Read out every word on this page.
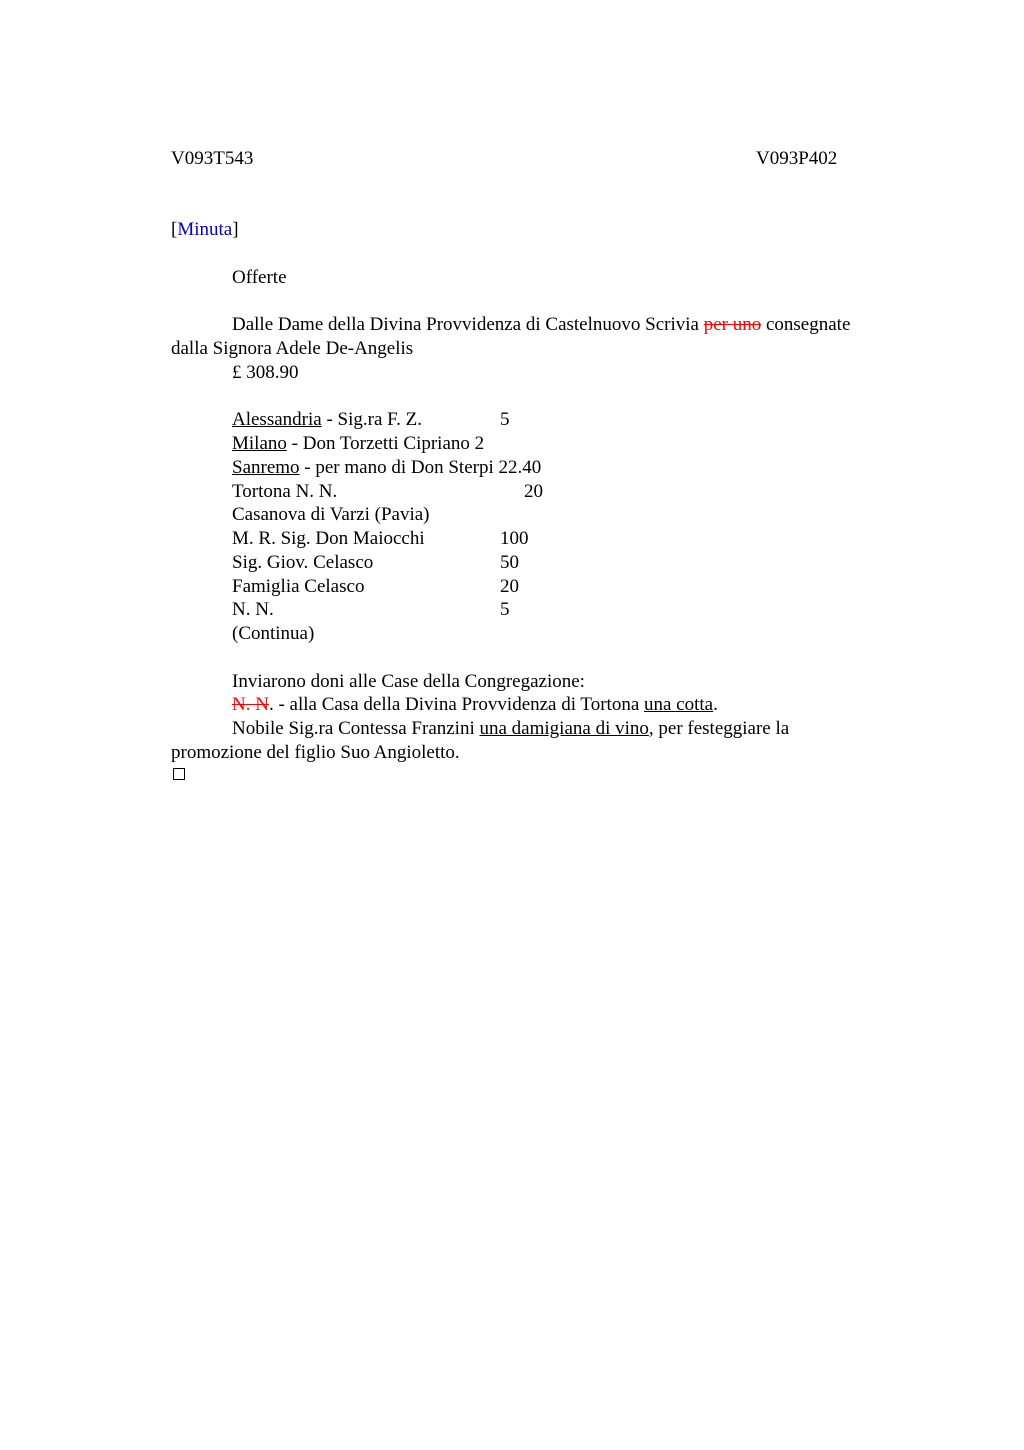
V093T543	V093P402
[Minuta]
Offerte
Dalle Dame della Divina Provvidenza di Castelnuovo Scrivia per uno consegnate
dalla Signora Adele De-Angelis
£ 308.90
Alessandria - Sig.ra F. Z.	5
Milano - Don Torzetti Cipriano 2
Sanremo - per mano di Don Sterpi 22.40
Tortona N. N.	20
Casanova di Varzi (Pavia)
M. R. Sig. Don Maiocchi	100
Sig. Giov. Celasco	50
Famiglia Celasco	20
N. N.	5
(Continua)
Inviarono doni alle Case della Congregazione:
N. N. - alla Casa della Divina Provvidenza di Tortona una cotta.
Nobile Sig.ra Contessa Franzini una damigiana di vino, per festeggiare la
promozione del figlio Suo Angioletto.
